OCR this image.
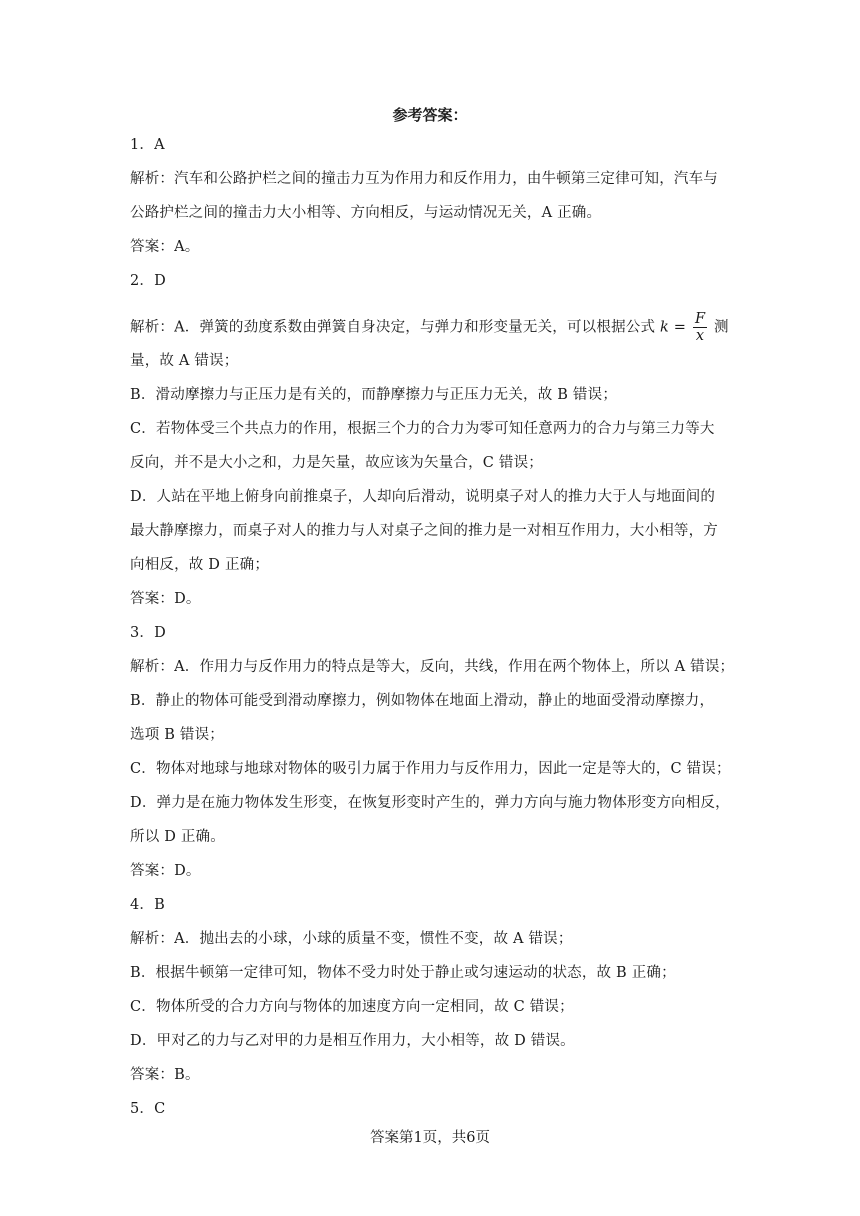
参考答案：
1．A
解析：汽车和公路护栏之间的撞击力互为作用力和反作用力，由牛顿第三定律可知，汽车与
公路护栏之间的撞击力大小相等、方向相反，与运动情况无关，A 正确。
答案：A。
2．D
解析：A．弹簧的劲度系数由弹簧自身决定，与弹力和形变量无关，可以根据公式 $k = \frac{F}{x}$ 测
量，故 A 错误；
B．滑动摩擦力与正压力是有关的，而静摩擦力与正压力无关，故 B 错误；
C．若物体受三个共点力的作用，根据三个力的合力为零可知任意两力的合力与第三力等大
反向，并不是大小之和，力是矢量，故应该为矢量合，C 错误；
D．人站在平地上俯身向前推桌子，人却向后滑动，说明桌子对人的推力大于人与地面间的
最大静摩擦力，而桌子对人的推力与人对桌子之间的推力是一对相互作用力，大小相等，方
向相反，故 D 正确；
答案：D。
3．D
解析：A．作用力与反作用力的特点是等大，反向，共线，作用在两个物体上，所以 A 错误；
B．静止的物体可能受到滑动摩擦力，例如物体在地面上滑动，静止的地面受滑动摩擦力，
选项 B 错误；
C．物体对地球与地球对物体的吸引力属于作用力与反作用力，因此一定是等大的，C 错误；
D．弹力是在施力物体发生形变，在恢复形变时产生的，弹力方向与施力物体形变方向相反，
所以 D 正确。
答案：D。
4．B
解析：A．抛出去的小球，小球的质量不变，惯性不变，故 A 错误；
B．根据牛顿第一定律可知，物体不受力时处于静止或匀速运动的状态，故 B 正确；
C．物体所受的合力方向与物体的加速度方向一定相同，故 C 错误；
D．甲对乙的力与乙对甲的力是相互作用力，大小相等，故 D 错误。
答案：B。
5．C
答案第1页，共6页
